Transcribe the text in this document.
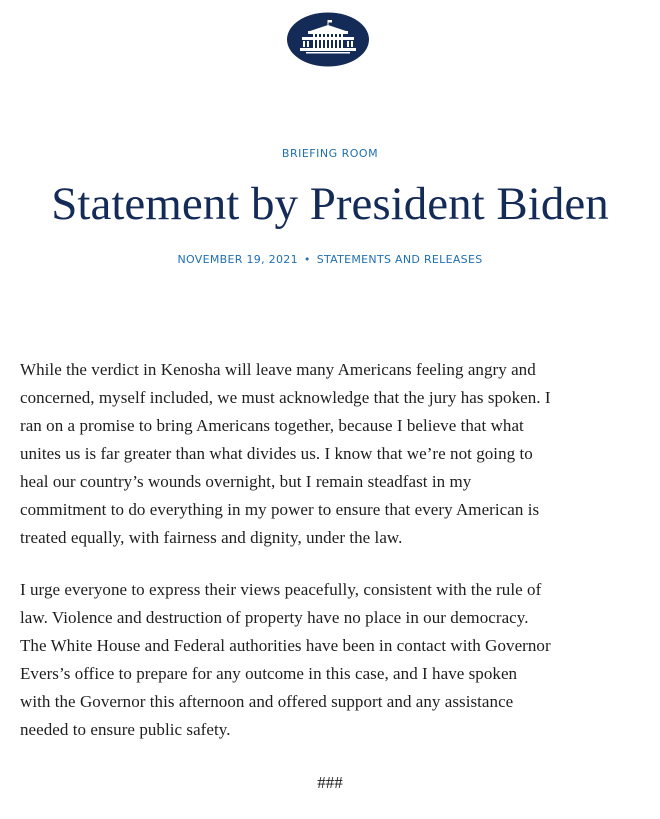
BRIEFING ROOM
Statement by President Biden
NOVEMBER 19, 2021 • STATEMENTS AND RELEASES

While the verdict in Kenosha will leave many Americans feeling angry and
concerned, myself included, we must acknowledge that the jury has spoken. I
ran on a promise to bring Americans together, because I believe that what
unites us is far greater than what divides us. I know that we’re not going to
heal our country’s wounds overnight, but I remain steadfast in my
commitment to do everything in my power to ensure that every American is
treated equally, with fairness and dignity, under the law.

I urge everyone to express their views peacefully, consistent with the rule of
law. Violence and destruction of property have no place in our democracy.
The White House and Federal authorities have been in contact with Governor
Evers’s office to prepare for any outcome in this case, and I have spoken
with the Governor this afternoon and offered support and any assistance
needed to ensure public safety.

###
